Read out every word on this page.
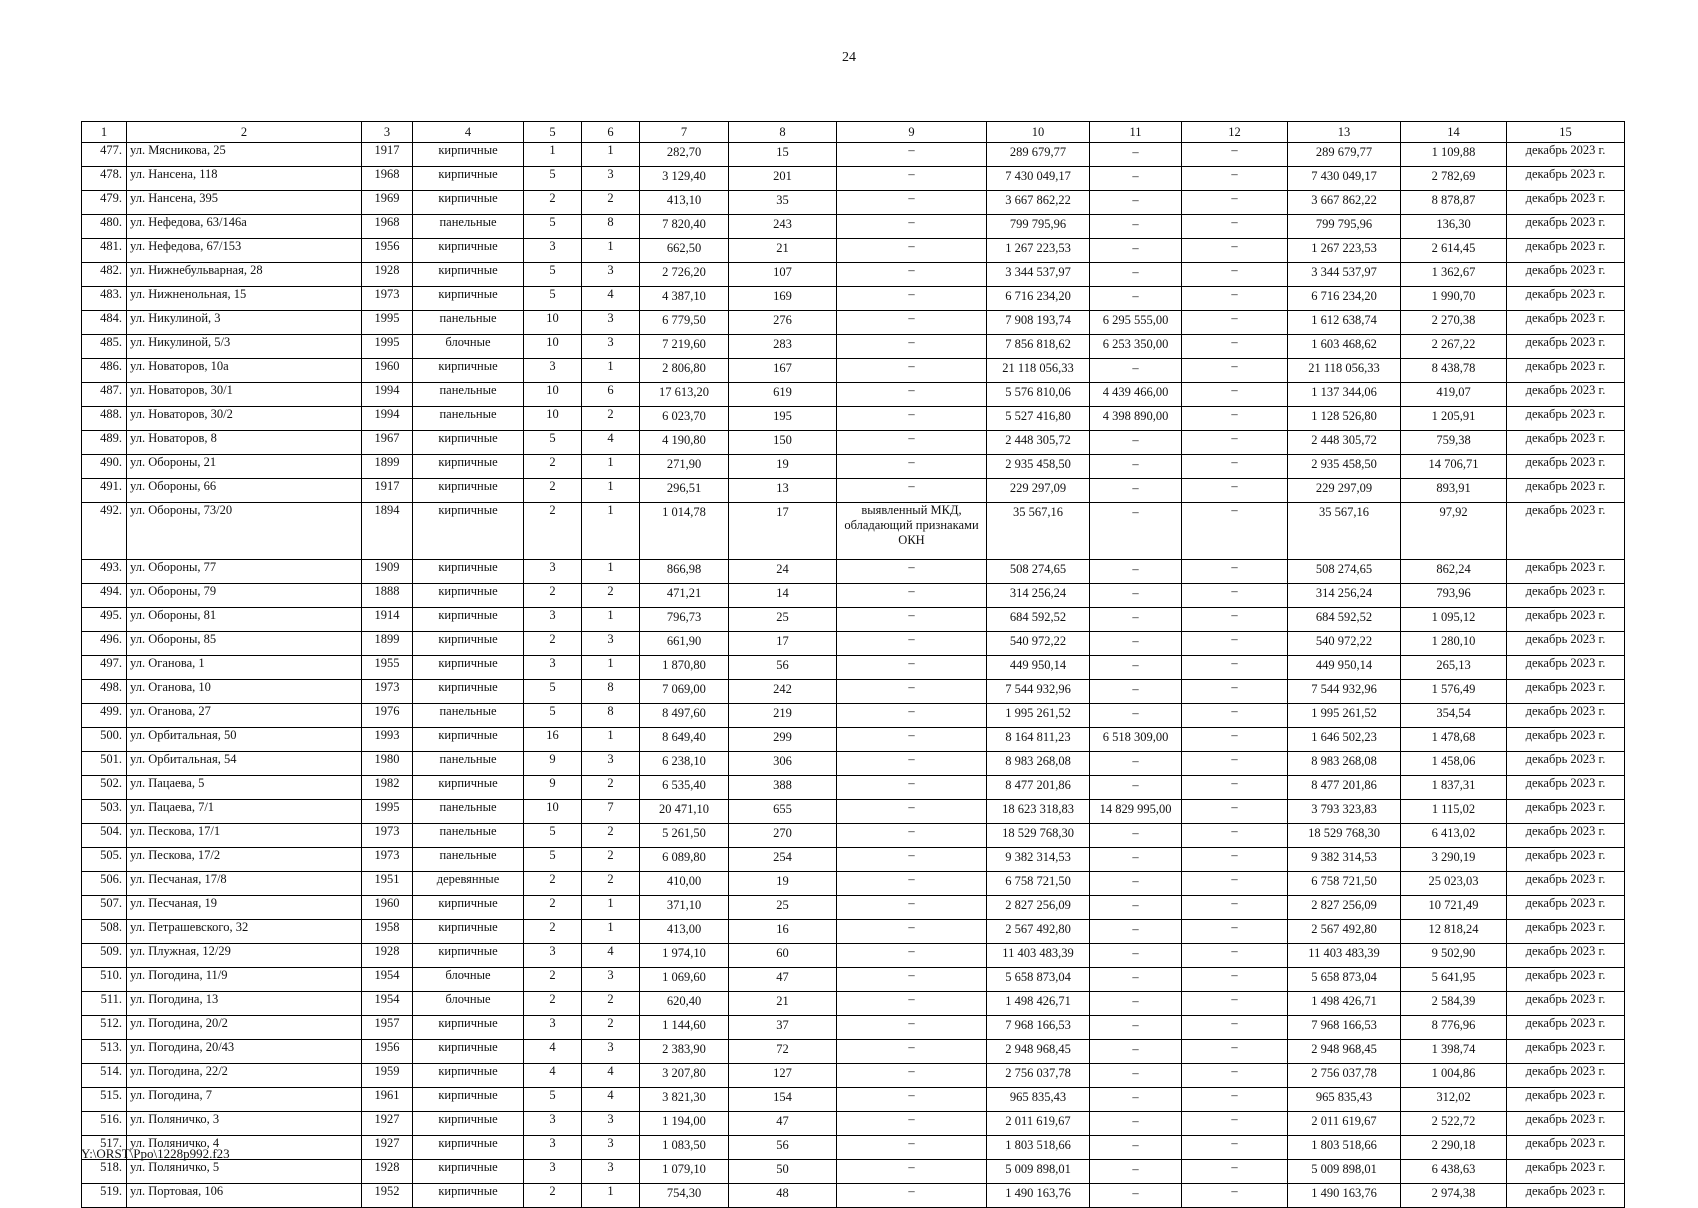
24
1	2	3	4	5	6	7	8	9	10	11	12	13	14	15
477.	ул. Мясникова, 25	1917	кирпичные	1	1	282,70	15	–	289 679,77	–	–	289 679,77	1 109,88	декабрь 2023 г.
478.	ул. Нансена, 118	1968	кирпичные	5	3	3 129,40	201	–	7 430 049,17	–	–	7 430 049,17	2 782,69	декабрь 2023 г.
479.	ул. Нансена, 395	1969	кирпичные	2	2	413,10	35	–	3 667 862,22	–	–	3 667 862,22	8 878,87	декабрь 2023 г.
480.	ул. Нефедова, 63/146а	1968	панельные	5	8	7 820,40	243	–	799 795,96	–	–	799 795,96	136,30	декабрь 2023 г.
481.	ул. Нефедова, 67/153	1956	кирпичные	3	1	662,50	21	–	1 267 223,53	–	–	1 267 223,53	2 614,45	декабрь 2023 г.
482.	ул. Нижнебульварная, 28	1928	кирпичные	5	3	2 726,20	107	–	3 344 537,97	–	–	3 344 537,97	1 362,67	декабрь 2023 г.
483.	ул. Нижненольная, 15	1973	кирпичные	5	4	4 387,10	169	–	6 716 234,20	–	–	6 716 234,20	1 990,70	декабрь 2023 г.
484.	ул. Никулиной, 3	1995	панельные	10	3	6 779,50	276	–	7 908 193,74	6 295 555,00	–	1 612 638,74	2 270,38	декабрь 2023 г.
485.	ул. Никулиной, 5/3	1995	блочные	10	3	7 219,60	283	–	7 856 818,62	6 253 350,00	–	1 603 468,62	2 267,22	декабрь 2023 г.
486.	ул. Новаторов, 10а	1960	кирпичные	3	1	2 806,80	167	–	21 118 056,33	–	–	21 118 056,33	8 438,78	декабрь 2023 г.
487.	ул. Новаторов, 30/1	1994	панельные	10	6	17 613,20	619	–	5 576 810,06	4 439 466,00	–	1 137 344,06	419,07	декабрь 2023 г.
488.	ул. Новаторов, 30/2	1994	панельные	10	2	6 023,70	195	–	5 527 416,80	4 398 890,00	–	1 128 526,80	1 205,91	декабрь 2023 г.
489.	ул. Новаторов, 8	1967	кирпичные	5	4	4 190,80	150	–	2 448 305,72	–	–	2 448 305,72	759,38	декабрь 2023 г.
490.	ул. Обороны, 21	1899	кирпичные	2	1	271,90	19	–	2 935 458,50	–	–	2 935 458,50	14 706,71	декабрь 2023 г.
491.	ул. Обороны, 66	1917	кирпичные	2	1	296,51	13	–	229 297,09	–	–	229 297,09	893,91	декабрь 2023 г.
492.	ул. Обороны, 73/20	1894	кирпичные	2	1	1 014,78	17	выявленный МКД, обладающий признаками ОКН	35 567,16	–	–	35 567,16	97,92	декабрь 2023 г.
493.	ул. Обороны, 77	1909	кирпичные	3	1	866,98	24	–	508 274,65	–	–	508 274,65	862,24	декабрь 2023 г.
494.	ул. Обороны, 79	1888	кирпичные	2	2	471,21	14	–	314 256,24	–	–	314 256,24	793,96	декабрь 2023 г.
495.	ул. Обороны, 81	1914	кирпичные	3	1	796,73	25	–	684 592,52	–	–	684 592,52	1 095,12	декабрь 2023 г.
496.	ул. Обороны, 85	1899	кирпичные	2	3	661,90	17	–	540 972,22	–	–	540 972,22	1 280,10	декабрь 2023 г.
497.	ул. Оганова, 1	1955	кирпичные	3	1	1 870,80	56	–	449 950,14	–	–	449 950,14	265,13	декабрь 2023 г.
498.	ул. Оганова, 10	1973	кирпичные	5	8	7 069,00	242	–	7 544 932,96	–	–	7 544 932,96	1 576,49	декабрь 2023 г.
499.	ул. Оганова, 27	1976	панельные	5	8	8 497,60	219	–	1 995 261,52	–	–	1 995 261,52	354,54	декабрь 2023 г.
500.	ул. Орбитальная, 50	1993	кирпичные	16	1	8 649,40	299	–	8 164 811,23	6 518 309,00	–	1 646 502,23	1 478,68	декабрь 2023 г.
501.	ул. Орбитальная, 54	1980	панельные	9	3	6 238,10	306	–	8 983 268,08	–	–	8 983 268,08	1 458,06	декабрь 2023 г.
502.	ул. Пацаева, 5	1982	кирпичные	9	2	6 535,40	388	–	8 477 201,86	–	–	8 477 201,86	1 837,31	декабрь 2023 г.
503.	ул. Пацаева, 7/1	1995	панельные	10	7	20 471,10	655	–	18 623 318,83	14 829 995,00	–	3 793 323,83	1 115,02	декабрь 2023 г.
504.	ул. Пескова, 17/1	1973	панельные	5	2	5 261,50	270	–	18 529 768,30	–	–	18 529 768,30	6 413,02	декабрь 2023 г.
505.	ул. Пескова, 17/2	1973	панельные	5	2	6 089,80	254	–	9 382 314,53	–	–	9 382 314,53	3 290,19	декабрь 2023 г.
506.	ул. Песчаная, 17/8	1951	деревянные	2	2	410,00	19	–	6 758 721,50	–	–	6 758 721,50	25 023,03	декабрь 2023 г.
507.	ул. Песчаная, 19	1960	кирпичные	2	1	371,10	25	–	2 827 256,09	–	–	2 827 256,09	10 721,49	декабрь 2023 г.
508.	ул. Петрашевского, 32	1958	кирпичные	2	1	413,00	16	–	2 567 492,80	–	–	2 567 492,80	12 818,24	декабрь 2023 г.
509.	ул. Плужная, 12/29	1928	кирпичные	3	4	1 974,10	60	–	11 403 483,39	–	–	11 403 483,39	9 502,90	декабрь 2023 г.
510.	ул. Погодина, 11/9	1954	блочные	2	3	1 069,60	47	–	5 658 873,04	–	–	5 658 873,04	5 641,95	декабрь 2023 г.
511.	ул. Погодина, 13	1954	блочные	2	2	620,40	21	–	1 498 426,71	–	–	1 498 426,71	2 584,39	декабрь 2023 г.
512.	ул. Погодина, 20/2	1957	кирпичные	3	2	1 144,60	37	–	7 968 166,53	–	–	7 968 166,53	8 776,96	декабрь 2023 г.
513.	ул. Погодина, 20/43	1956	кирпичные	4	3	2 383,90	72	–	2 948 968,45	–	–	2 948 968,45	1 398,74	декабрь 2023 г.
514.	ул. Погодина, 22/2	1959	кирпичные	4	4	3 207,80	127	–	2 756 037,78	–	–	2 756 037,78	1 004,86	декабрь 2023 г.
515.	ул. Погодина, 7	1961	кирпичные	5	4	3 821,30	154	–	965 835,43	–	–	965 835,43	312,02	декабрь 2023 г.
516.	ул. Поляничко, 3	1927	кирпичные	3	3	1 194,00	47	–	2 011 619,67	–	–	2 011 619,67	2 522,72	декабрь 2023 г.
517.	ул. Поляничко, 4	1927	кирпичные	3	3	1 083,50	56	–	1 803 518,66	–	–	1 803 518,66	2 290,18	декабрь 2023 г.
518.	ул. Поляничко, 5	1928	кирпичные	3	3	1 079,10	50	–	5 009 898,01	–	–	5 009 898,01	6 438,63	декабрь 2023 г.
519.	ул. Портовая, 106	1952	кирпичные	2	1	754,30	48	–	1 490 163,76	–	–	1 490 163,76	2 974,38	декабрь 2023 г.
Y:\ORST\Ppo\1228p992.f23
